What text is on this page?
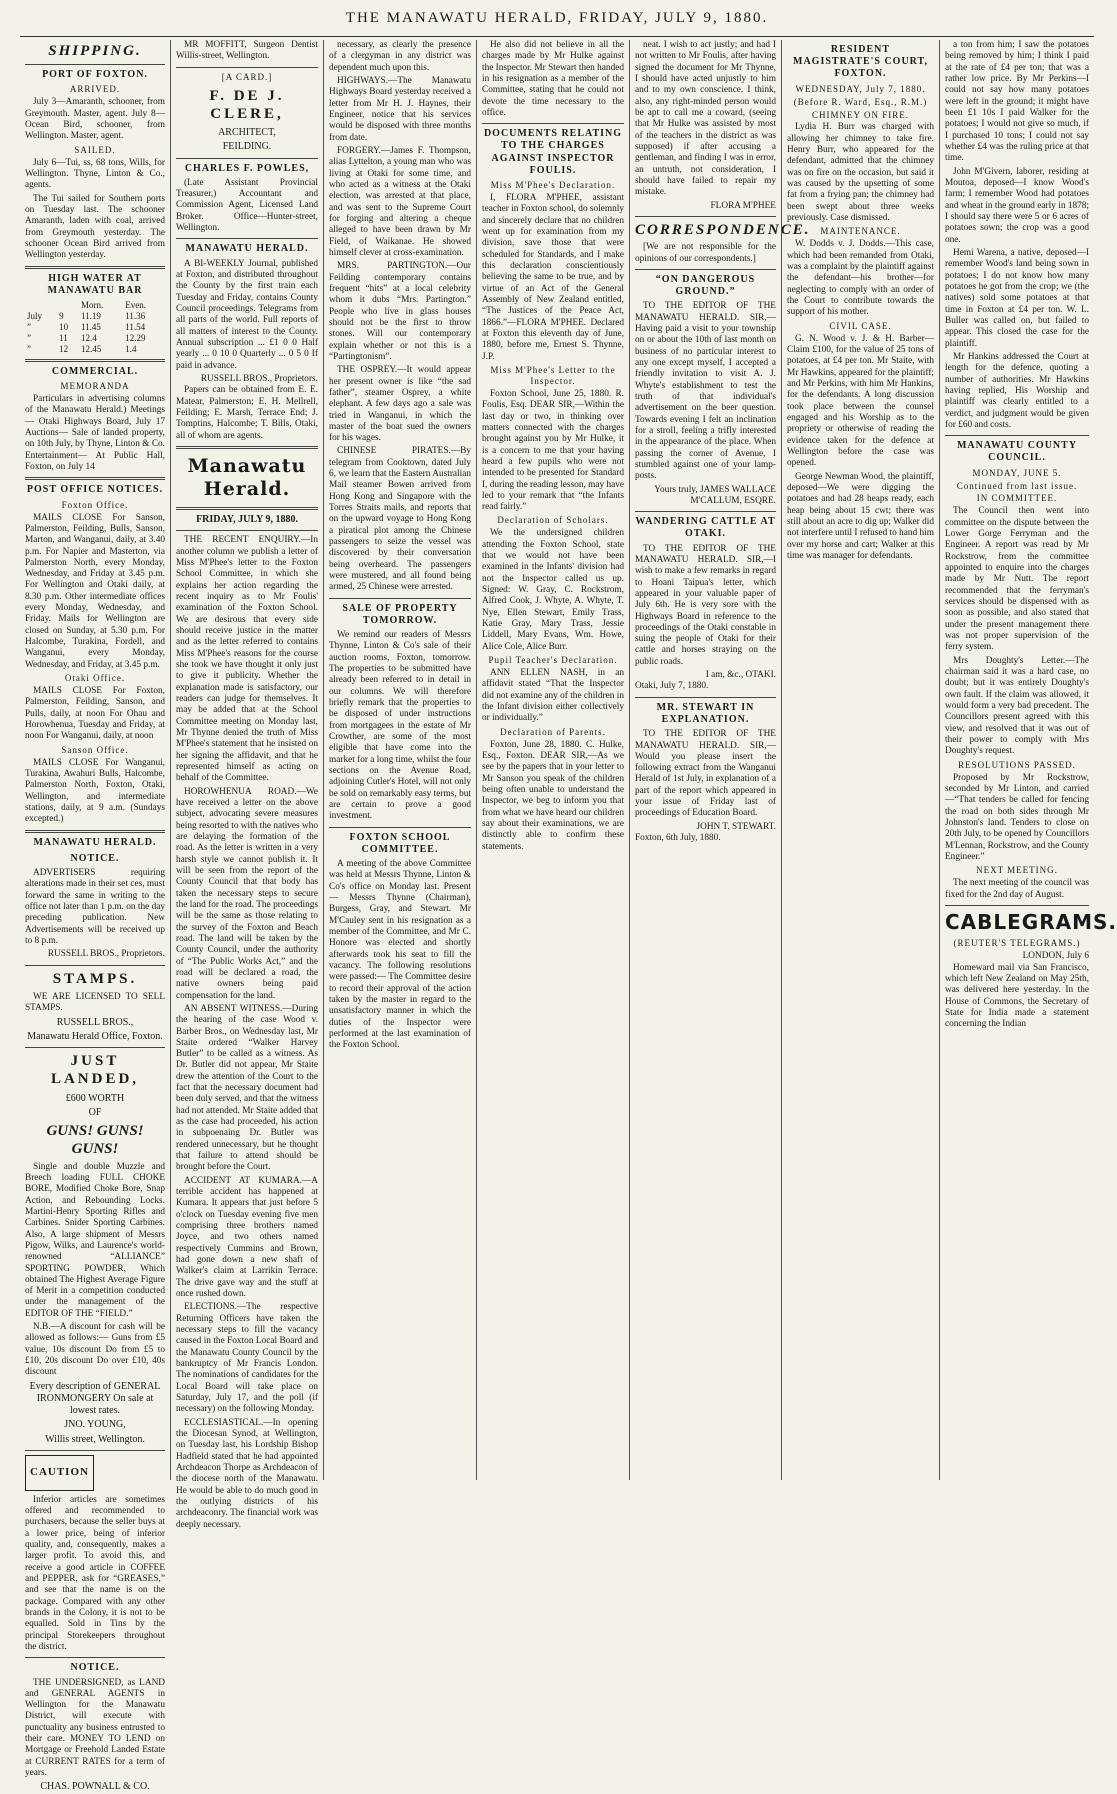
THE MANAWATU HERALD, FRIDAY, JULY 9, 1880.
SHIPPING.
PORT OF FOXTON.
ARRIVED.

July 3—Amaranth, schooner, from Greymouth. Master, agent. July 8—Ocean Bird, schooner, from Wellington. Master, agent.

SAILED.

July 6—Tui, ss, 68 tons, Wills, for Wellington. Thyne, Linton & Co., agents.

The Tui sailed for Southern ports on Tuesday last. The schooner Amaranth, laden with coal, arrived from Greymouth yesterday. The schooner Ocean Bird arrived from Wellington yesterday.

HIGH WATER AT MANAWATU BAR
		Morn.	Even.
July	9	11.19	11.36
”	10	11.45	11.54
”	11	12.4	12.29
”	12	12.45	1.4
COMMERCIAL.
MEMORANDA

Particulars in advertising columns of the Manawatu Herald.) Meetings— Otaki Highways Board, July 17 Auctions— Sale of landed property, on 10th July, by Thyne, Linton & Co. Entertainment— At Public Hall, Foxton, on July 14

POST OFFICE NOTICES.
Foxton Office.

MAILS CLOSE For Sanson, Palmerston, Feilding, Bulls, Sanson, Marton, and Wanganui, daily, at 3.40 p.m. For Napier and Masterton, via Palmerston North, every Monday, Wednesday, and Friday at 3.45 p.m. For Wellington and Otaki daily, at 8.30 p.m. Other intermediate offices every Monday, Wednesday, and Friday. Mails for Wellington are closed on Sunday, at 5.30 p.m. For Halcombe, Turakina, Fordell, and Wanganui, every Monday, Wednesday, and Friday, at 3.45 p.m.

Otaki Office.

MAILS CLOSE For Foxton, Palmerston, Feilding, Sanson, and Pulls, daily, at noon For Ohau and Horowhenua, Tuesday and Friday, at noon For Wanganui, daily, at noon

Sanson Office.

MAILS CLOSE For Wanganui, Turakina, Awahuri Bulls, Halcombe, Palmerston North, Foxton, Otaki, Wellington, and intermediate stations, daily, at 9 a.m. (Sundays excepted.)

MANAWATU HERALD.
NOTICE.

ADVERTISERS requiring alterations made in their set ces, must forward the same in writing to the office not later than 1 p.m. on the day preceding publication. New Advertisements will be received up to 8 p.m.

RUSSELL BROS., Proprietors.
STAMPS.

WE ARE LICENSED TO SELL STAMPS.

RUSSELL BROS.,
Manawatu Herald Office, Foxton.
JUST LANDED,
£600 WORTH
OF
GUNS! GUNS! GUNS!

Single and double Muzzle and Breech loading FULL CHOKE BORE, Modified Choke Bore, Snap Action, and Rebounding Locks. Martini-Henry Sporting Rifles and Carbines. Snider Sporting Carbines. Also, A large shipment of Messrs Pigow, Wilks, and Laurence's world-renowned “ALLIANCE” SPORTING POWDER, Which obtained The Highest Average Figure of Merit in a competition conducted under the management of the EDITOR OF THE “FIELD.”

N.B.—A discount for cash will be allowed as follows:— Guns from £5 value, 10s discount Do from £5 to £10, 20s discount Do over £10, 40s discount

Every description of GENERAL IRONMONGERY On sale at lowest rates.
JNO. YOUNG,
Willis street, Wellington.
CAUTION

Inferior articles are sometimes offered and recommended to purchasers, because the seller buys at a lower price, being of inferior quality, and, consequently, makes a larger profit. To avoid this, and receive a good article in COFFEE and PEPPER, ask for “GREASES,” and see that the name is on the package. Compared with any other brands in the Colony, it is not to be equalled. Sold in Tins by the principal Storekeepers throughout the district.

NOTICE.

THE UNDERSIGNED, as LAND and GENERAL AGENTS in Wellington for the Manawatu District, will execute with punctuality any business entrusted to their care. MONEY TO LEND on Mortgage or Freehold Landed Estate at CURRENT RATES for a term of years.

CHAS. POWNALL & CO.

MR MOFFITT, Surgeon Dentist Willis-street, Wellington.

[A CARD.]
F. DE J. CLERE,
ARCHITECT,
FEILDING.
CHARLES F. POWLES,

(Late Assistant Provincial Treasurer,) Accountant and Commission Agent, Licensed Land Broker. Office—Hunter-street, Wellington.

MANAWATU HERALD.

A BI-WEEKLY Journal, published at Foxton, and distributed throughout the County by the first train each Tuesday and Friday, contains County Council proceedings. Telegrams from all parts of the world. Full reports of all matters of interest to the County. Annual subscription ... £1 0 0 Half yearly ... 0 10 0 Quarterly ... 0 5 0 If paid in advance.

RUSSELL BROS., Proprietors.

Papers can be obtained from E. E. Matear, Palmerston; E. H. Mellrell, Feilding; E. Marsh, Terrace End; J. Tomptins, Halcombe; T. Bills, Otaki, all of whom are agents.

Manawatu Herald.
FRIDAY, JULY 9, 1880.

THE RECENT ENQUIRY.—In another column we publish a letter of Miss M'Phee's letter to the Foxton School Committee, in which she explains her action regarding the recent inquiry as to Mr Foulis' examination of the Foxton School. We are desirous that every side should receive justice in the matter and as the letter referred to contains Miss M'Phee's reasons for the course she took we have thought it only just to give it publicity. Whether the explanation made is satisfactory, our readers can judge for themselves. It may be added that at the School Committee meeting on Monday last, Mr Thynne denied the truth of Miss M'Phee's statement that he insisted on her signing the affidavit, and that he represented himself as acting on behalf of the Committee.

HOROWHENUA ROAD.—We have received a letter on the above subject, advocating severe measures being resorted to with the natives who are delaying the formation of the road. As the letter is written in a very harsh style we cannot publish it. It will be seen from the report of the County Council that that body has taken the necessary steps to secure the land for the road. The proceedings will be the same as those relating to the survey of the Foxton and Beach road. The land will be taken by the County Council, under the authority of “The Public Works Act,” and the road will be declared a road, the native owners being paid compensation for the land.

AN ABSENT WITNESS.—During the hearing of the case Wood v. Barber Bros., on Wednesday last, Mr Staite ordered “Walker Harvey Butler” to be called as a witness. As Dr. Butler did not appear, Mr Staite drew the attention of the Court to the fact that the necessary document had been duly served, and that the witness had not attended. Mr Staite added that as the case had proceeded, his action in subpoenaing Dr. Butler was rendered unnecessary, but he thought that failure to attend should be brought before the Court.

ACCIDENT AT KUMARA.—A terrible accident has happened at Kumara. It appears that just before 5 o'clock on Tuesday evening five men comprising three brothers named Joyce, and two others named respectively Cummins and Brown, had gone down a new shaft of Walker's claim at Larrikin Terrace. The drive gave way and the stuff at once rushed down.

ELECTIONS.—The respective Returning Officers have taken the necessary steps to fill the vacancy caused in the Foxton Local Board and the Manawatu County Council by the bankruptcy of Mr Francis London. The nominations of candidates for the Local Board will take place on Saturday, July 17, and the poll (if necessary) on the following Monday.

ECCLESIASTICAL.—In opening the Diocesan Synod, at Wellington, on Tuesday last, his Lordship Bishop Hadfield stated that he had appointed Archdeacon Thorpe as Archdeacon of the diocese north of the Manawatu. He would be able to do much good in the outlying districts of his archdeaconry. The financial work was deeply necessary.

necessary, as clearly the presence of a clergyman in any district was dependent much upon this.

HIGHWAYS.—The Manawatu Highways Board yesterday received a letter from Mr H. J. Haynes, their Engineer, notice that his services would be disposed with three months from date.

FORGERY.—James F. Thompson, alias Lyttelton, a young man who was living at Otaki for some time, and who acted as a witness at the Otaki election, was arrested at that place, and was sent to the Supreme Court for forging and altering a cheque alleged to have been drawn by Mr Field, of Waikanae. He showed himself clever at cross-examination.

MRS. PARTINGTON.—Our Feilding contemporary contains frequent “hits” at a local celebrity whom it dubs “Mrs. Partington.” People who live in glass houses should not be the first to throw stones. Will our contemporary explain whether or not this is a “Partingtonism”.

THE OSPREY.—It would appear her present owner is like “the sad father”, steamer Osprey, a white elephant. A few days ago a sale was tried in Wanganui, in which the master of the boat sued the owners for his wages.

CHINESE PIRATES.—By telegram from Cooktown, dated July 6, we learn that the Eastern Australian Mail steamer Bowen arrived from Hong Kong and Singapore with the Torres Straits mails, and reports that on the upward voyage to Hong Kong a piratical plot among the Chinese passengers to seize the vessel was discovered by their conversation being overheard. The passengers were mustered, and all found being armed, 25 Chinese were arrested.

SALE OF PROPERTY TOMORROW.

We remind our readers of Messrs Thynne, Linton & Co's sale of their auction rooms, Foxton, tomorrow. The properties to be submitted have already been referred to in detail in our columns. We will therefore briefly remark that the properties to be disposed of under instructions from mortgagees in the estate of Mr Crowther, are some of the most eligible that have come into the market for a long time, whilst the four sections on the Avenue Road, adjoining Cutler's Hotel, will not only be sold on remarkably easy terms, but are certain to prove a good investment.

FOXTON SCHOOL COMMITTEE.

A meeting of the above Committee was held at Messrs Thynne, Linton & Co's office on Monday last. Present — Messrs Thynne (Chairman), Burgess, Gray, and Stewart. Mr M'Cauley sent in his resignation as a member of the Committee, and Mr C. Honore was elected and shortly afterwards took his seat to fill the vacancy. The following resolutions were passed:— The Committee desire to record their approval of the action taken by the master in regard to the unsatisfactory manner in which the duties of the Inspector were performed at the last examination of the Foxton School.

He also did not believe in all the charges made by Mr Hulke against the Inspector. Mr Stewart then handed in his resignation as a member of the Committee, stating that he could not devote the time necessary to the office.

DOCUMENTS RELATING TO THE CHARGES AGAINST INSPECTOR FOULIS.
Miss M'Phee's Declaration.

I, FLORA M'PHEE, assistant teacher in Foxton school, do solemnly and sincerely declare that no children went up for examination from my division, save those that were scheduled for Standards, and I make this declaration conscientiously believing the same to be true, and by virtue of an Act of the General Assembly of New Zealand entitled, “The Justices of the Peace Act, 1866.”—FLORA M'PHEE. Declared at Foxton this eleventh day of June, 1880, before me, Ernest S. Thynne, J.P.

Miss M'Phee's Letter to the Inspector.

Foxton School, June 25, 1880. R. Foulis, Esq. DEAR SIR,—Within the last day or two, in thinking over matters connected with the charges brought against you by Mr Hulke, it is a concern to me that your having heard a few pupils who were not intended to be presented for Standard I, during the reading lesson, may have led to your remark that “the Infants read fairly.”

Declaration of Scholars.

We the undersigned children attending the Foxton School, state that we would not have been examined in the Infants' division had not the Inspector called us up. Signed: W. Gray, C. Rockstrom, Alfred Cook, J. Whyte, A. Whyte, T. Nye, Ellen Stewart, Emily Trass, Katie Gray, Mary Trass, Jessie Liddell, Mary Evans, Wm. Howe, Alice Cole, Alice Burr.

Pupil Teacher's Declaration.

ANN ELLEN NASH, in an affidavit stated “That the Inspector did not examine any of the children in the Infant division either collectively or individually.”

Declaration of Parents.

Foxton, June 28, 1880. C. Hulke, Esq., Foxton. DEAR SIR,—As we see by the papers that in your letter to Mr Sanson you speak of the children being often unable to understand the Inspector, we beg to inform you that from what we have heard our children say about their examinations, we are distinctly able to confirm these statements.

neat. I wish to act justly; and had I not written to Mr Foulis, after having signed the document for Mr Thynne, I should have acted unjustly to him and to my own conscience. I think, also, any right-minded person would be apt to call me a coward, (seeing that Mr Hulke was assisted by most of the teachers in the district as was supposed) if after accusing a gentleman, and finding I was in error, an untruth, not consideration, I should have failed to repair my mistake.

FLORA M'PHEE
CORRESPONDENCE.

[We are not responsible for the opinions of our correspondents.]

“ON DANGEROUS GROUND.”

TO THE EDITOR OF THE MANAWATU HERALD. SIR,—Having paid a visit to your township on or about the 10th of last month on business of no particular interest to any one except myself, I accepted a friendly invitation to visit A. J. Whyte's establishment to test the truth of that individual's advertisement on the beer question. Towards evening I felt an inclination for a stroll, feeling a trifly interested in the appearance of the place. When passing the corner of Avenue, I stumbled against one of your lamp-posts.

Yours truly, JAMES WALLACE M'CALLUM, ESQRE.
WANDERING CATTLE AT OTAKI.

TO THE EDITOR OF THE MANAWATU HERALD. SIR,—I wish to make a few remarks in regard to Hoani Taipua's letter, which appeared in your valuable paper of July 6th. He is very sore with the Highways Board in reference to the proceedings of the Otaki constable in suing the people of Otaki for their cattle and horses straying on the public roads.

I am, &c., OTAKI.
Otaki, July 7, 1880.
MR. STEWART IN EXPLANATION.

TO THE EDITOR OF THE MANAWATU HERALD. SIR,—Would you please insert the following extract from the Wanganui Herald of 1st July, in explanation of a part of the report which appeared in your issue of Friday last of proceedings of Education Board.

JOHN T. STEWART.
Foxton, 6th July, 1880.
RESIDENT MAGISTRATE'S COURT, FOXTON.
WEDNESDAY, July 7, 1880.
(Before R. Ward, Esq., R.M.)
CHIMNEY ON FIRE.

Lydia H. Burr was charged with allowing her chimney to take fire. Henry Burr, who appeared for the defendant, admitted that the chimney was on fire on the occasion, but said it was caused by the upsetting of some fat from a frying pan; the chimney had been swept about three weeks previously. Case dismissed.

MAINTENANCE.

W. Dodds v. J. Dodds.—This case, which had been remanded from Otaki, was a complaint by the plaintiff against the defendant—his brother—for neglecting to comply with an order of the Court to contribute towards the support of his mother.

CIVIL CASE.

G. N. Wood v. J. & H. Barber—Claim £100, for the value of 25 tons of potatoes, at £4 per ton. Mr Staite, with Mr Hawkins, appeared for the plaintiff; and Mr Perkins, with him Mr Hankins, for the defendants. A long discussion took place between the counsel engaged and his Worship as to the propriety or otherwise of reading the evidence taken for the defence at Wellington before the case was opened.

George Newman Wood, the plaintiff, deposed—We were digging the potatoes and had 28 heaps ready, each heap being about 15 cwt; there was still about an acre to dig up; Walker did not interfere until I refused to hand him over my horse and cart; Walker at this time was manager for defendants.

a ton from him; I saw the potatoes being removed by him; I think I paid at the rate of £4 per ton; that was a rather low price. By Mr Perkins—I could not say how many potatoes were left in the ground; it might have been £1 10s I paid Walker for the potatoes; I would not give so much, if I purchased 10 tons; I could not say whether £4 was the ruling price at that time.

John M'Givern, laborer, residing at Moutoa, deposed—I know Wood's farm; I remember Wood had potatoes and wheat in the ground early in 1878; I should say there were 5 or 6 acres of potatoes sown; the crop was a good one.

Hemi Warena, a native, deposed—I remember Wood's land being sown in potatoes; I do not know how many potatoes he got from the crop; we (the natives) sold some potatoes at that time in Foxton at £4 per ton. W. L. Buller was called on, but failed to appear. This closed the case for the plaintiff.

Mr Hankins addressed the Court at length for the defence, quoting a number of authorities. Mr Hawkins having replied, His Worship and plaintiff was clearly entitled to a verdict, and judgment would be given for £60 and costs.

MANAWATU COUNTY COUNCIL.
MONDAY, JUNE 5.
Continued from last issue.
IN COMMITTEE.

The Council then went into committee on the dispute between the Lower Gorge Ferryman and the Engineer. A report was read by Mr Rockstrow, from the committee appointed to enquire into the charges made by Mr Nutt. The report recommended that the ferryman's services should be dispensed with as soon as possible, and also stated that under the present management there was not proper supervision of the ferry system.

Mrs Doughty's Letter.—The chairman said it was a hard case, no doubt; but it was entirely Doughty's own fault. If the claim was allowed, it would form a very bad precedent. The Councillors present agreed with this view, and resolved that it was out of their power to comply with Mrs Doughty's request.

RESOLUTIONS PASSED.

Proposed by Mr Rockstrow, seconded by Mr Linton, and carried—“That tenders be called for fencing the road on both sides through Mr Johnston's land. Tenders to close on 20th July, to be opened by Councillors M'Lennan, Rockstrow, and the County Engineer.”

NEXT MEETING.

The next meeting of the council was fixed for the 2nd day of August.

CABLEGRAMS.
(REUTER'S TELEGRAMS.)
LONDON, July 6

Homeward mail via San Francisco, which left New Zealand on May 25th, was delivered here yesterday. In the House of Commons, the Secretary of State for India made a statement concerning the Indian
